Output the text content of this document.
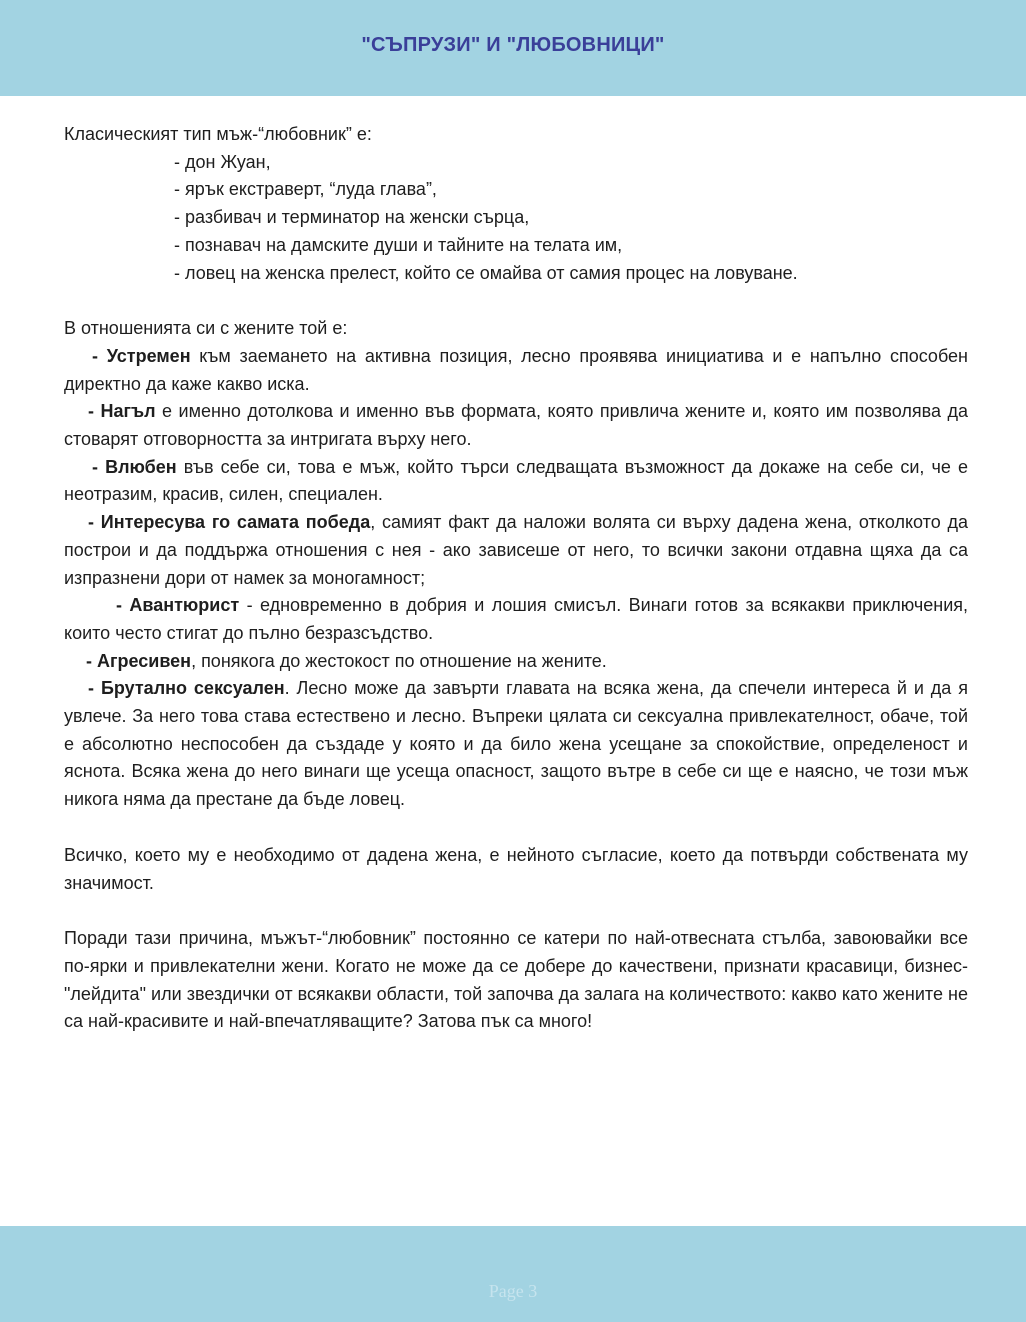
"СЪПРУЗИ" И "ЛЮБОВНИЦИ"

Класическият тип мъж-“любовник” е:

- дон Жуан,

- ярък екстраверт, “луда глава”,

- разбивач и терминатор на женски сърца,

- познавач на дамските души и тайните на телата им,

- ловец на женска прелест, който се омайва от самия процес на ловуване.

В отношенията си с жените той е:

- Устремен към заемането на активна позиция, лесно проявява инициатива и е напълно способен директно да каже какво иска.

- Нагъл е именно дотолкова и именно във формата, която привлича жените и, която им позволява да стоварят отговорността за интригата върху него.

- Влюбен във себе си, това е мъж, който търси следващата възможност да докаже на себе си, че е неотразим, красив, силен, специален.

- Интересува го самата победа, самият факт да наложи волята си върху дадена жена, отколкото да построи и да поддържа отношения с нея - ако зависеше от него, то всички закони отдавна щяха да са изпразнени дори от намек за моногамност;

- Авантюрист - едновременно в добрия и лошия смисъл. Винаги готов за всякакви приключения, които често стигат до пълно безразсъдство.

- Агресивен, понякога до жестокост по отношение на жените.

- Брутално сексуален. Лесно може да завърти главата на всяка жена, да спечели интереса й и да я увлече. За него това става естествено и лесно. Въпреки цялата си сексуална привлекателност, обаче, той е абсолютно неспособен да създаде у която и да било жена усещане за спокойствие, определеност и яснота. Всяка жена до него винаги ще усеща опасност, защото вътре в себе си ще е наясно, че този мъж никога няма да престане да бъде ловец.

Всичко, което му е необходимо от дадена жена, е нейното съгласие, което да потвърди собствената му значимост.

Поради тази причина, мъжът-“любовник” постоянно се катери по най-отвесната стълба, завоювайки все по-ярки и привлекателни жени. Когато не може да се добере до качествени, признати красавици, бизнес-"лейдита" или звездички от всякакви области, той започва да залага на количеството: какво като жените не са най-красивите и най-впечатляващите? Затова пък са много!

Page 3
